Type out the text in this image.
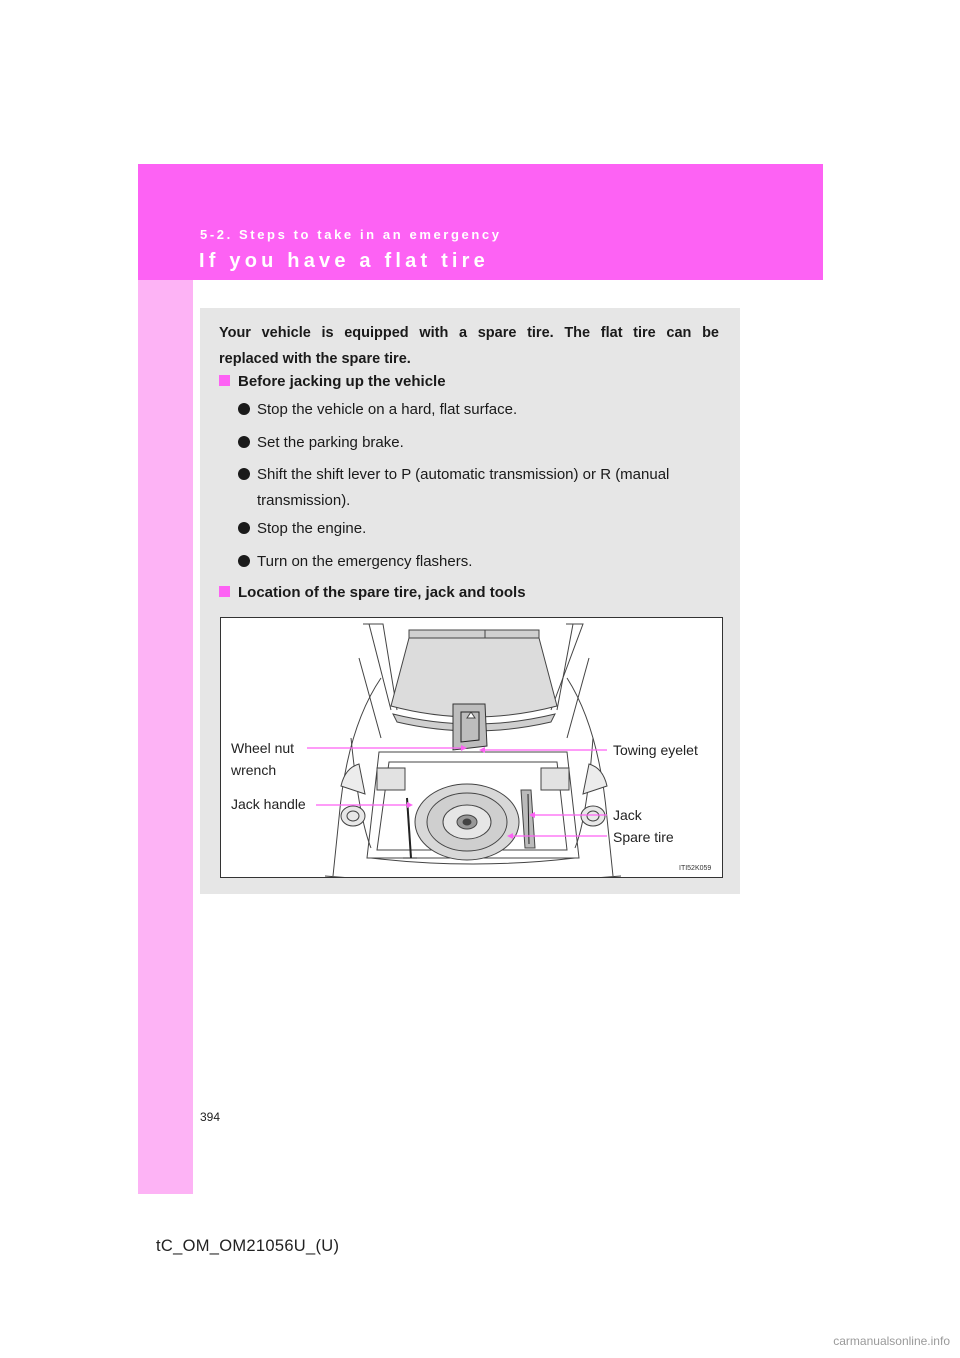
5-2. Steps to take in an emergency
If you have a flat tire
Your vehicle is equipped with a spare tire. The flat tire can be
replaced with the spare tire.
Before jacking up the vehicle
Stop the vehicle on a hard, flat surface.
Set the parking brake.
Shift the shift lever to P (automatic transmission) or R (manual
transmission).
Stop the engine.
Turn on the emergency flashers.
Location of the spare tire, jack and tools
Wheel nut
wrench
Jack handle
Towing eyelet
Jack
Spare tire
ITI52K059
394
tC_OM_OM21056U_(U)
carmanualsonline.info
